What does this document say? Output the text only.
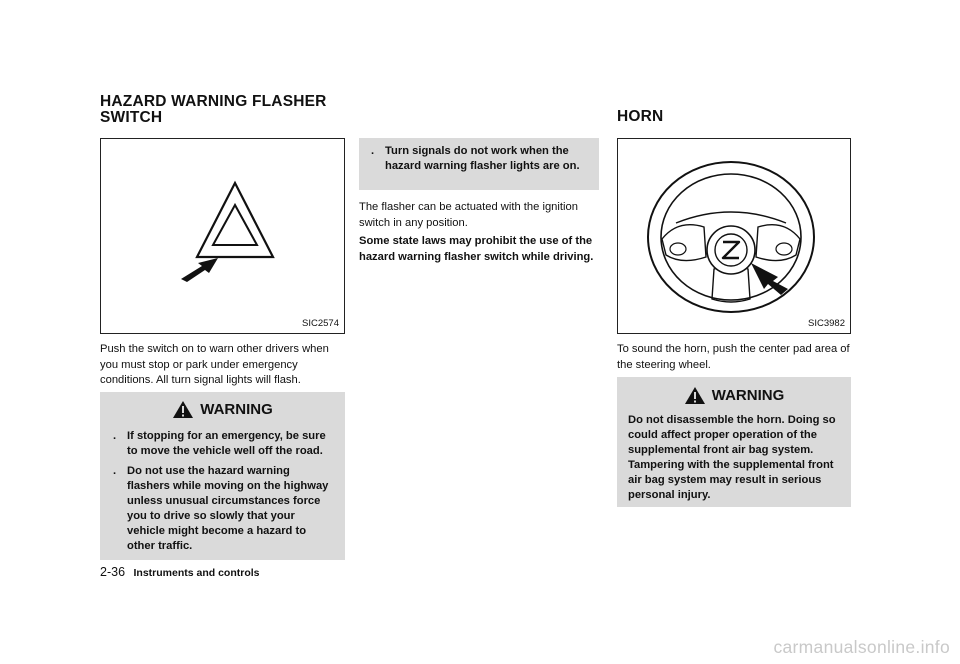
HAZARD WARNING FLASHER SWITCH
SIC2574
Push the switch on to warn other drivers when you must stop or park under emergency conditions. All turn signal lights will flash.
WARNING
. If stopping for an emergency, be sure to move the vehicle well off the road.
. Do not use the hazard warning flashers while moving on the highway unless unusual circumstances force you to drive so slowly that your vehicle might become a hazard to other traffic.
. Turn signals do not work when the hazard warning flasher lights are on.
The flasher can be actuated with the ignition switch in any position.
Some state laws may prohibit the use of the hazard warning flasher switch while driving.
HORN
SIC3982
To sound the horn, push the center pad area of the steering wheel.
WARNING
Do not disassemble the horn. Doing so could affect proper operation of the supplemental front air bag system. Tampering with the supplemental front air bag system may result in serious personal injury.
2-36 Instruments and controls
carmanualsonline.info
